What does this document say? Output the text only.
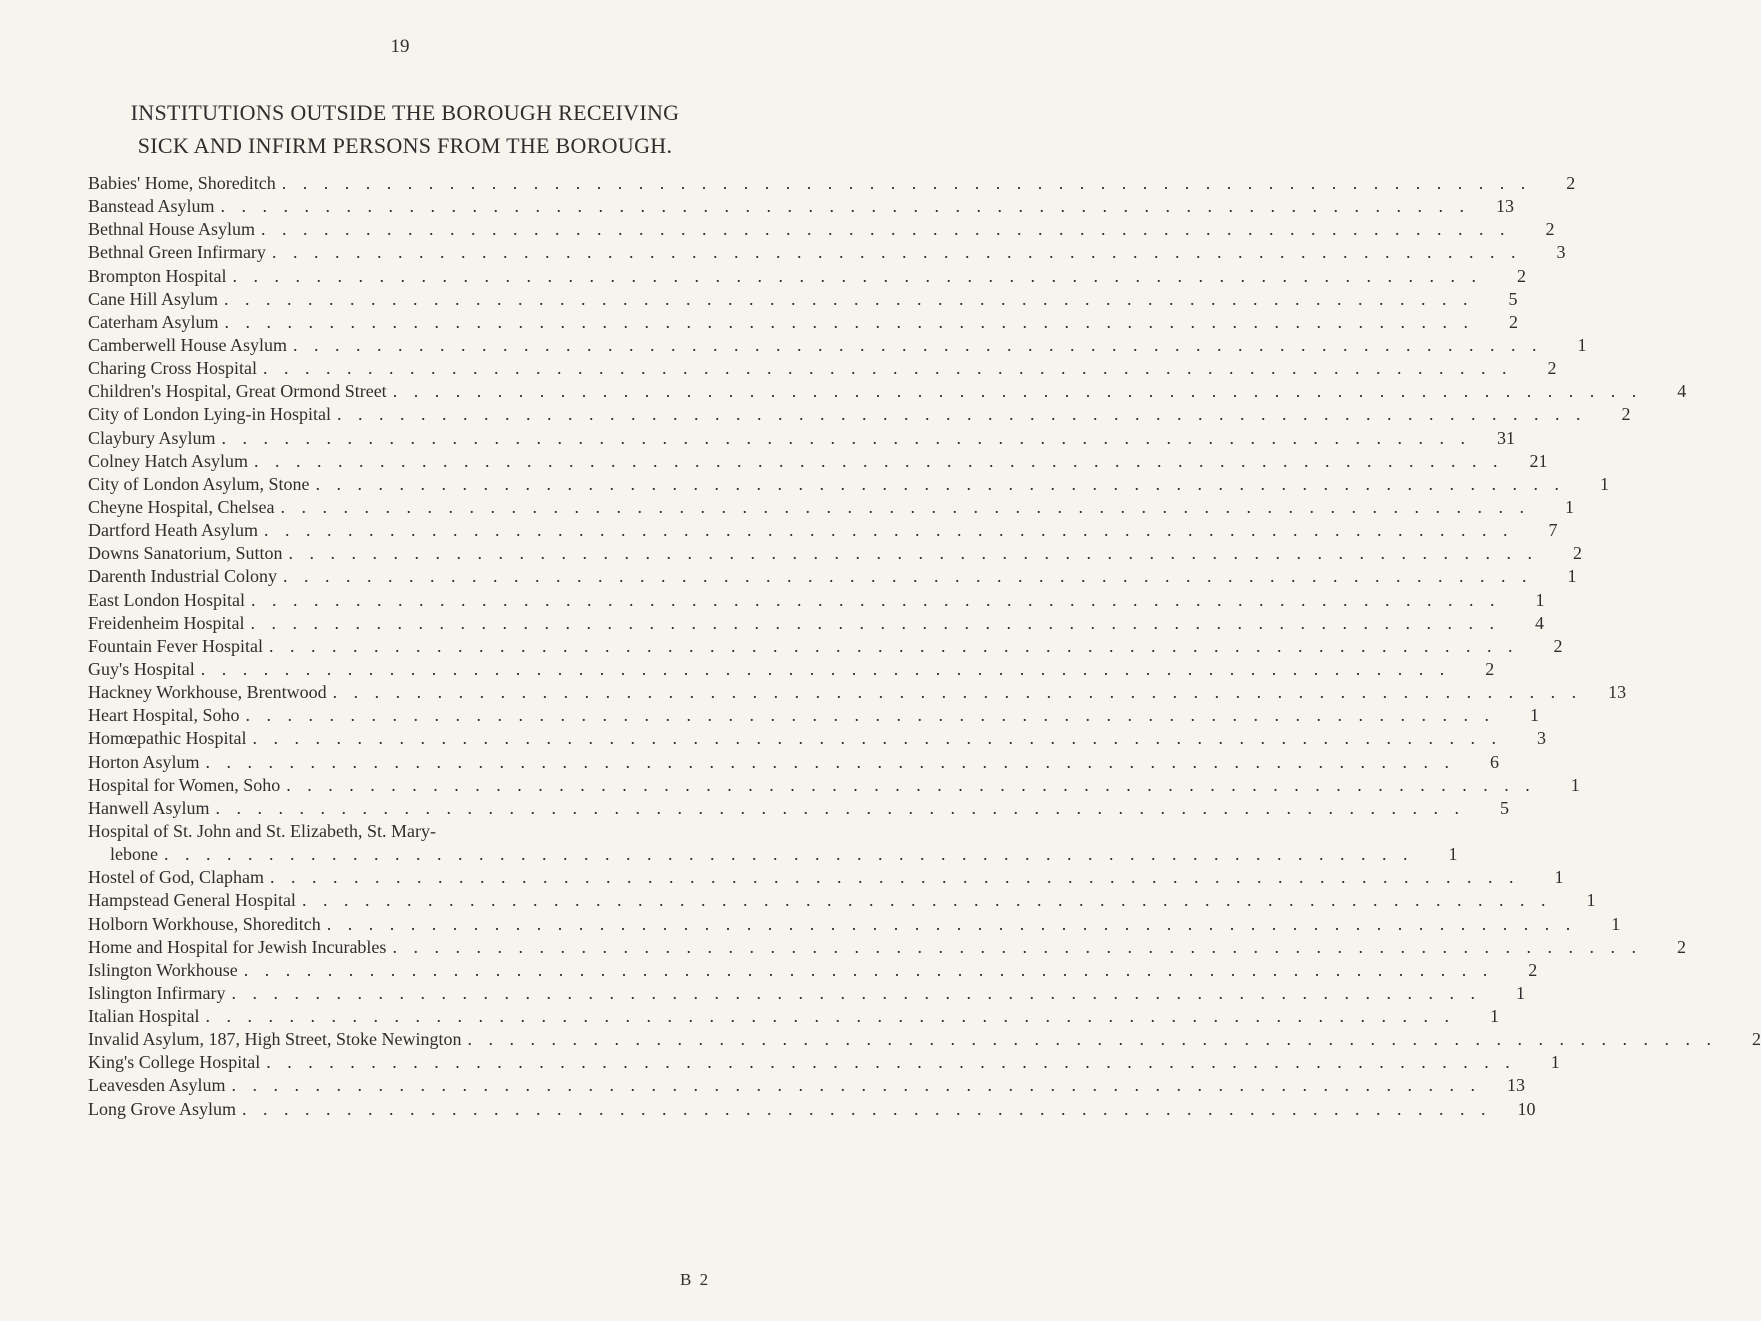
19
INSTITUTIONS OUTSIDE THE BOROUGH RECEIVING
SICK AND INFIRM PERSONS FROM THE BOROUGH.
Babies' Home, Shoreditch . . . . . . . . . . . . . . . . . . . . . . . . . . . . . . . . . . . . . . . . . . . . . . . . . . . . . . . . . . . .	2
Banstead Asylum . . . . . . . . . . . . . . . . . . . . . . . . . . . . . . . . . . . . . . . . . . . . . . . . . . . . . . . . . . . .	13
Bethnal House Asylum . . . . . . . . . . . . . . . . . . . . . . . . . . . . . . . . . . . . . . . . . . . . . . . . . . . . . . . . . . . .	2
Bethnal Green Infirmary . . . . . . . . . . . . . . . . . . . . . . . . . . . . . . . . . . . . . . . . . . . . . . . . . . . . . . . . . . . .	3
Brompton Hospital . . . . . . . . . . . . . . . . . . . . . . . . . . . . . . . . . . . . . . . . . . . . . . . . . . . . . . . . . . . .	2
Cane Hill Asylum . . . . . . . . . . . . . . . . . . . . . . . . . . . . . . . . . . . . . . . . . . . . . . . . . . . . . . . . . . . .	5
Caterham Asylum . . . . . . . . . . . . . . . . . . . . . . . . . . . . . . . . . . . . . . . . . . . . . . . . . . . . . . . . . . . .	2
Camberwell House Asylum . . . . . . . . . . . . . . . . . . . . . . . . . . . . . . . . . . . . . . . . . . . . . . . . . . . . . . . . . . . .	1
Charing Cross Hospital . . . . . . . . . . . . . . . . . . . . . . . . . . . . . . . . . . . . . . . . . . . . . . . . . . . . . . . . . . . .	2
Children's Hospital, Great Ormond Street . . . . . . . . . . . . . . . . . . . . . . . . . . . . . . . . . . . . . . . . . . . . . . . . . . . . . . . . . . . .	4
City of London Lying-in Hospital . . . . . . . . . . . . . . . . . . . . . . . . . . . . . . . . . . . . . . . . . . . . . . . . . . . . . . . . . . . .	2
Claybury Asylum . . . . . . . . . . . . . . . . . . . . . . . . . . . . . . . . . . . . . . . . . . . . . . . . . . . . . . . . . . . .	31
Colney Hatch Asylum . . . . . . . . . . . . . . . . . . . . . . . . . . . . . . . . . . . . . . . . . . . . . . . . . . . . . . . . . . . .	21
City of London Asylum, Stone . . . . . . . . . . . . . . . . . . . . . . . . . . . . . . . . . . . . . . . . . . . . . . . . . . . . . . . . . . . .	1
Cheyne Hospital, Chelsea . . . . . . . . . . . . . . . . . . . . . . . . . . . . . . . . . . . . . . . . . . . . . . . . . . . . . . . . . . . .	1
Dartford Heath Asylum . . . . . . . . . . . . . . . . . . . . . . . . . . . . . . . . . . . . . . . . . . . . . . . . . . . . . . . . . . . .	7
Downs Sanatorium, Sutton . . . . . . . . . . . . . . . . . . . . . . . . . . . . . . . . . . . . . . . . . . . . . . . . . . . . . . . . . . . .	2
Darenth Industrial Colony . . . . . . . . . . . . . . . . . . . . . . . . . . . . . . . . . . . . . . . . . . . . . . . . . . . . . . . . . . . .	1
East London Hospital . . . . . . . . . . . . . . . . . . . . . . . . . . . . . . . . . . . . . . . . . . . . . . . . . . . . . . . . . . . .	1
Freidenheim Hospital . . . . . . . . . . . . . . . . . . . . . . . . . . . . . . . . . . . . . . . . . . . . . . . . . . . . . . . . . . . .	4
Fountain Fever Hospital . . . . . . . . . . . . . . . . . . . . . . . . . . . . . . . . . . . . . . . . . . . . . . . . . . . . . . . . . . . .	2
Guy's Hospital . . . . . . . . . . . . . . . . . . . . . . . . . . . . . . . . . . . . . . . . . . . . . . . . . . . . . . . . . . . .	2
Hackney Workhouse, Brentwood . . . . . . . . . . . . . . . . . . . . . . . . . . . . . . . . . . . . . . . . . . . . . . . . . . . . . . . . . . . .	13
Heart Hospital, Soho . . . . . . . . . . . . . . . . . . . . . . . . . . . . . . . . . . . . . . . . . . . . . . . . . . . . . . . . . . . .	1
Homœpathic Hospital . . . . . . . . . . . . . . . . . . . . . . . . . . . . . . . . . . . . . . . . . . . . . . . . . . . . . . . . . . . .	3
Horton Asylum . . . . . . . . . . . . . . . . . . . . . . . . . . . . . . . . . . . . . . . . . . . . . . . . . . . . . . . . . . . .	6
Hospital for Women, Soho . . . . . . . . . . . . . . . . . . . . . . . . . . . . . . . . . . . . . . . . . . . . . . . . . . . . . . . . . . . .	1
Hanwell Asylum . . . . . . . . . . . . . . . . . . . . . . . . . . . . . . . . . . . . . . . . . . . . . . . . . . . . . . . . . . . .	5
Hospital of St. John and St. Elizabeth, St. Mary-
lebone . . . . . . . . . . . . . . . . . . . . . . . . . . . . . . . . . . . . . . . . . . . . . . . . . . . . . . . . . . . .	1
Hostel of God, Clapham . . . . . . . . . . . . . . . . . . . . . . . . . . . . . . . . . . . . . . . . . . . . . . . . . . . . . . . . . . . .	1
Hampstead General Hospital . . . . . . . . . . . . . . . . . . . . . . . . . . . . . . . . . . . . . . . . . . . . . . . . . . . . . . . . . . . .	1
Holborn Workhouse, Shoreditch . . . . . . . . . . . . . . . . . . . . . . . . . . . . . . . . . . . . . . . . . . . . . . . . . . . . . . . . . . . .	1
Home and Hospital for Jewish Incurables . . . . . . . . . . . . . . . . . . . . . . . . . . . . . . . . . . . . . . . . . . . . . . . . . . . . . . . . . . . .	2
Islington Workhouse . . . . . . . . . . . . . . . . . . . . . . . . . . . . . . . . . . . . . . . . . . . . . . . . . . . . . . . . . . . .	2
Islington Infirmary . . . . . . . . . . . . . . . . . . . . . . . . . . . . . . . . . . . . . . . . . . . . . . . . . . . . . . . . . . . .	1
Italian Hospital . . . . . . . . . . . . . . . . . . . . . . . . . . . . . . . . . . . . . . . . . . . . . . . . . . . . . . . . . . . .	1
Invalid Asylum, 187, High Street, Stoke Newington . . . . . . . . . . . . . . . . . . . . . . . . . . . . . . . . . . . . . . . . . . . . . . . . . . . . . . . . . . . .	2
King's College Hospital . . . . . . . . . . . . . . . . . . . . . . . . . . . . . . . . . . . . . . . . . . . . . . . . . . . . . . . . . . . .	1
Leavesden Asylum . . . . . . . . . . . . . . . . . . . . . . . . . . . . . . . . . . . . . . . . . . . . . . . . . . . . . . . . . . . .	13
Long Grove Asylum . . . . . . . . . . . . . . . . . . . . . . . . . . . . . . . . . . . . . . . . . . . . . . . . . . . . . . . . . . . .	10
B 2
